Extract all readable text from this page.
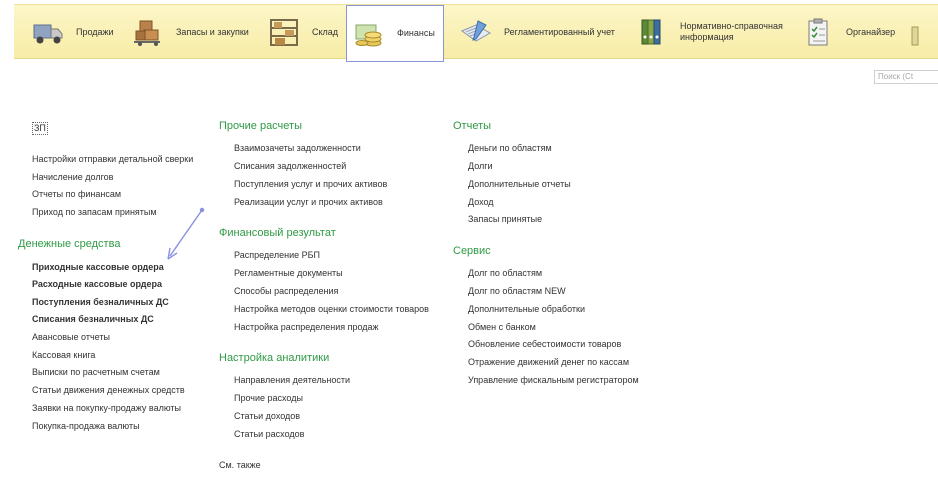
Продажи	Запасы и закупки	Склад	Финансы	Регламентированный учет
Нормативно-справочная
информация
Органайзер
Поиск (Ct
ЗП
Настройки отправки детальной сверки
Начисление долгов
Отчеты по финансам
Приход по запасам принятым
Денежные средства
Приходные кассовые ордера
Расходные кассовые ордера
Поступления безналичных ДС
Списания безналичных ДС
Авансовые отчеты
Кассовая книга
Выписки по расчетным счетам
Статьи движения денежных средств
Заявки на покупку-продажу валюты
Покупка-продажа валюты
Прочие расчеты
Взаимозачеты задолженности
Списания задолженностей
Поступления услуг и прочих активов
Реализации услуг и прочих активов
Финансовый результат
Распределение РБП
Регламентные документы
Способы распределения
Настройка методов оценки стоимости товаров
Настройка распределения продаж
Настройка аналитики
Направления деятельности
Прочие расходы
Статьи доходов
Статьи расходов
См. также
Отчеты
Деньги по областям
Долги
Дополнительные отчеты
Доход
Запасы принятые
Сервис
Долг по областям
Долг по областям NEW
Дополнительные обработки
Обмен с банком
Обновление себестоимости товаров
Отражение движений денег по кассам
Управление фискальным регистратором
